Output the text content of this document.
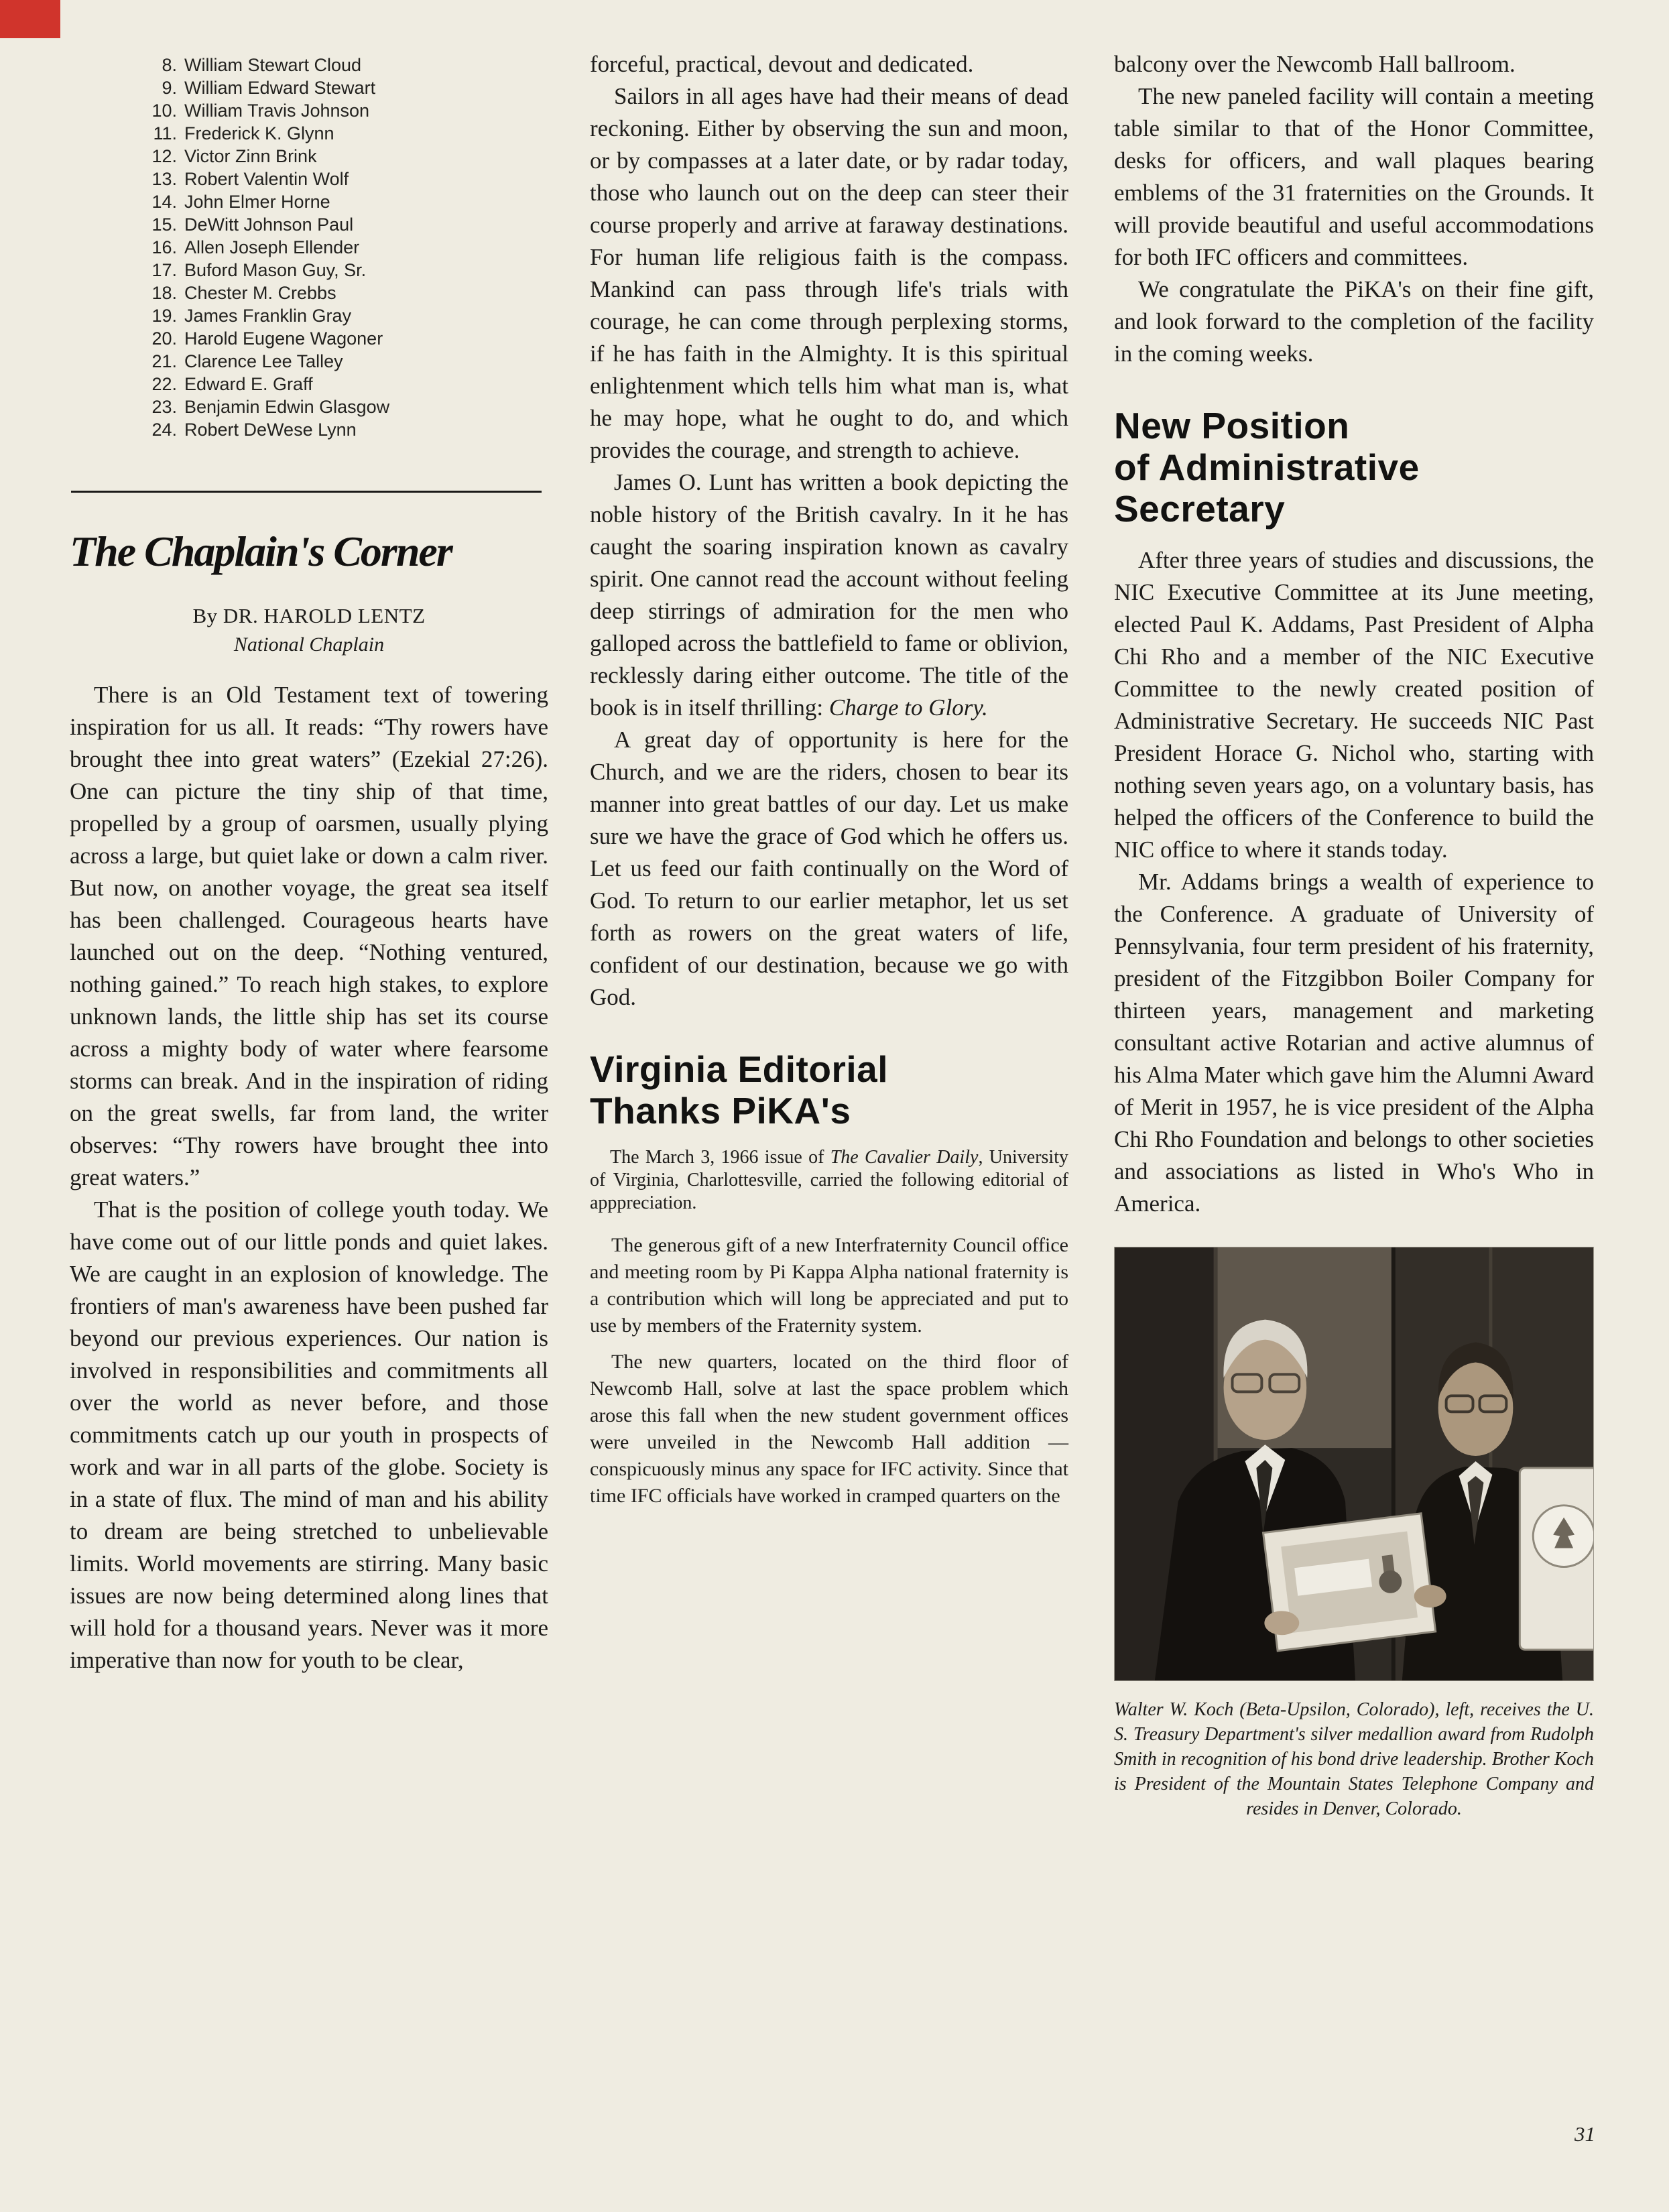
8. William Stewart Cloud
9. William Edward Stewart
10. William Travis Johnson
11. Frederick K. Glynn
12. Victor Zinn Brink
13. Robert Valentin Wolf
14. John Elmer Horne
15. DeWitt Johnson Paul
16. Allen Joseph Ellender
17. Buford Mason Guy, Sr.
18. Chester M. Crebbs
19. James Franklin Gray
20. Harold Eugene Wagoner
21. Clarence Lee Talley
22. Edward E. Graff
23. Benjamin Edwin Glasgow
24. Robert DeWese Lynn
The Chaplain's Corner
By DR. HAROLD LENTZ
National Chaplain

There is an Old Testament text of towering inspiration for us all. It reads: “Thy rowers have brought thee into great waters” (Ezekial 27:26). One can picture the tiny ship of that time, propelled by a group of oarsmen, usually plying across a large, but quiet lake or down a calm river. But now, on another voyage, the great sea itself has been challenged. Courageous hearts have launched out on the deep. “Nothing ventured, nothing gained.” To reach high stakes, to explore unknown lands, the little ship has set its course across a mighty body of water where fearsome storms can break. And in the inspiration of riding on the great swells, far from land, the writer observes: “Thy rowers have brought thee into great waters.”

That is the position of college youth today. We have come out of our little ponds and quiet lakes. We are caught in an explosion of knowledge. The frontiers of man's awareness have been pushed far beyond our previous experiences. Our nation is involved in responsibilities and commitments all over the world as never before, and those commitments catch up our youth in prospects of work and war in all parts of the globe. Society is in a state of flux. The mind of man and his ability to dream are being stretched to unbelievable limits. World movements are stirring. Many basic issues are now being determined along lines that will hold for a thousand years. Never was it more imperative than now for youth to be clear,

forceful, practical, devout and dedicated.

Sailors in all ages have had their means of dead reckoning. Either by observing the sun and moon, or by compasses at a later date, or by radar today, those who launch out on the deep can steer their course properly and arrive at faraway destinations. For human life religious faith is the compass. Mankind can pass through life's trials with courage, he can come through perplexing storms, if he has faith in the Almighty. It is this spiritual enlightenment which tells him what man is, what he may hope, what he ought to do, and which provides the courage, and strength to achieve.

James O. Lunt has written a book depicting the noble history of the British cavalry. In it he has caught the soaring inspiration known as cavalry spirit. One cannot read the account without feeling deep stirrings of admiration for the men who galloped across the battlefield to fame or oblivion, recklessly daring either outcome. The title of the book is in itself thrilling: Charge to Glory.

A great day of opportunity is here for the Church, and we are the riders, chosen to bear its manner into great battles of our day. Let us make sure we have the grace of God which he offers us. Let us feed our faith continually on the Word of God. To return to our earlier metaphor, let us set forth as rowers on the great waters of life, confident of our destination, because we go with God.

Virginia Editorial
Thanks PiKA's
The March 3, 1966 issue of The Cavalier Daily, University of Virginia, Charlottesville, carried the following editorial of apppreciation.

The generous gift of a new Interfraternity Council office and meeting room by Pi Kappa Alpha national fraternity is a contribution which will long be appreciated and put to use by members of the Fraternity system.

The new quarters, located on the third floor of Newcomb Hall, solve at last the space problem which arose this fall when the new student government offices were unveiled in the Newcomb Hall addition —conspicuously minus any space for IFC activity. Since that time IFC officials have worked in cramped quarters on the

balcony over the Newcomb Hall ballroom.

The new paneled facility will contain a meeting table similar to that of the Honor Committee, desks for officers, and wall plaques bearing emblems of the 31 fraternities on the Grounds. It will provide beautiful and useful accommodations for both IFC officers and committees.

We congratulate the PiKA's on their fine gift, and look forward to the completion of the facility in the coming weeks.

New Position
of Administrative
Secretary

After three years of studies and discussions, the NIC Executive Committee at its June meeting, elected Paul K. Addams, Past President of Alpha Chi Rho and a member of the NIC Executive Committee to the newly created position of Administrative Secretary. He succeeds NIC Past President Horace G. Nichol who, starting with nothing seven years ago, on a voluntary basis, has helped the officers of the Conference to build the NIC office to where it stands today.

Mr. Addams brings a wealth of experience to the Conference. A graduate of University of Pennsylvania, four term president of his fraternity, president of the Fitzgibbon Boiler Company for thirteen years, management and marketing consultant active Rotarian and active alumnus of his Alma Mater which gave him the Alumni Award of Merit in 1957, he is vice president of the Alpha Chi Rho Foundation and belongs to other societies and associations as listed in Who's Who in America.

Walter W. Koch (Beta-Upsilon, Colorado), left, receives the U. S. Treasury Department's silver medallion award from Rudolph Smith in recognition of his bond drive leadership. Brother Koch is President of the Mountain States Telephone Company and resides in Denver, Colorado.
31
